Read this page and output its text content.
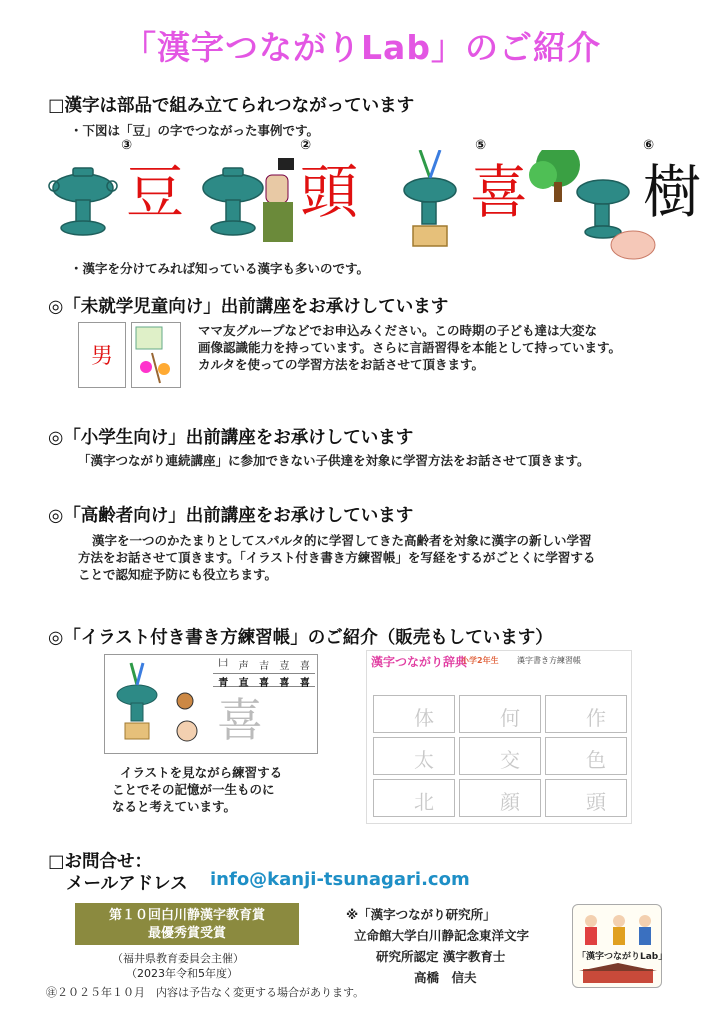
「漢字つながりLab」のご紹介
□漢字は部品で組み立てられつながっています
・下図は「豆」の字でつながった事例です。
③
豆
②
頭
⑤
喜
⑥
樹
・漢字を分けてみれば知っている漢字も多いのです。
◎「未就学児童向け」出前講座をお承けしています
男
ママ友グループなどでお申込みください。この時期の子ども達は大変な
画像認識能力を持っています。さらに言語習得を本能として持っています。
カルタを使っての学習方法をお話させて頂きます。
◎「小学生向け」出前講座をお承けしています
「漢字つながり連続講座」に参加できない子供達を対象に学習方法をお話させて頂きます。
◎「高齢者向け」出前講座をお承けしています
漢字を一つのかたまりとしてスパルタ的に学習してきた高齢者を対象に漢字の新しい学習
方法をお話させて頂きます。「イラスト付き書き方練習帳」を写経をするがごとくに学習する
ことで認知症予防にも役立ちます。
◎「イラスト付き書き方練習帳」のご紹介（販売もしています）
𠙵	声	吉	壴	喜
青	直	喜	喜	喜
喜
イラストを見ながら練習する
ことでその記憶が一生ものに
なると考えています。
漢字つながり辞典
小学2年生 漢字書き方練習帳
体	何	作
太	交	色
北	顔	頭
□お問合せ：
メールアドレス info@kanji-tsunagari.com
第１０回白川静漢字教育賞
最優秀賞受賞
（福井県教育委員会主催）
（2023年令和5年度）
㊟２０２５年１０月　内容は予告なく変更する場合があります。
※「漢字つながり研究所」
立命館大学白川静記念東洋文字
研究所認定 漢字教育士
高橋　信夫
「漢字つながりLab」
